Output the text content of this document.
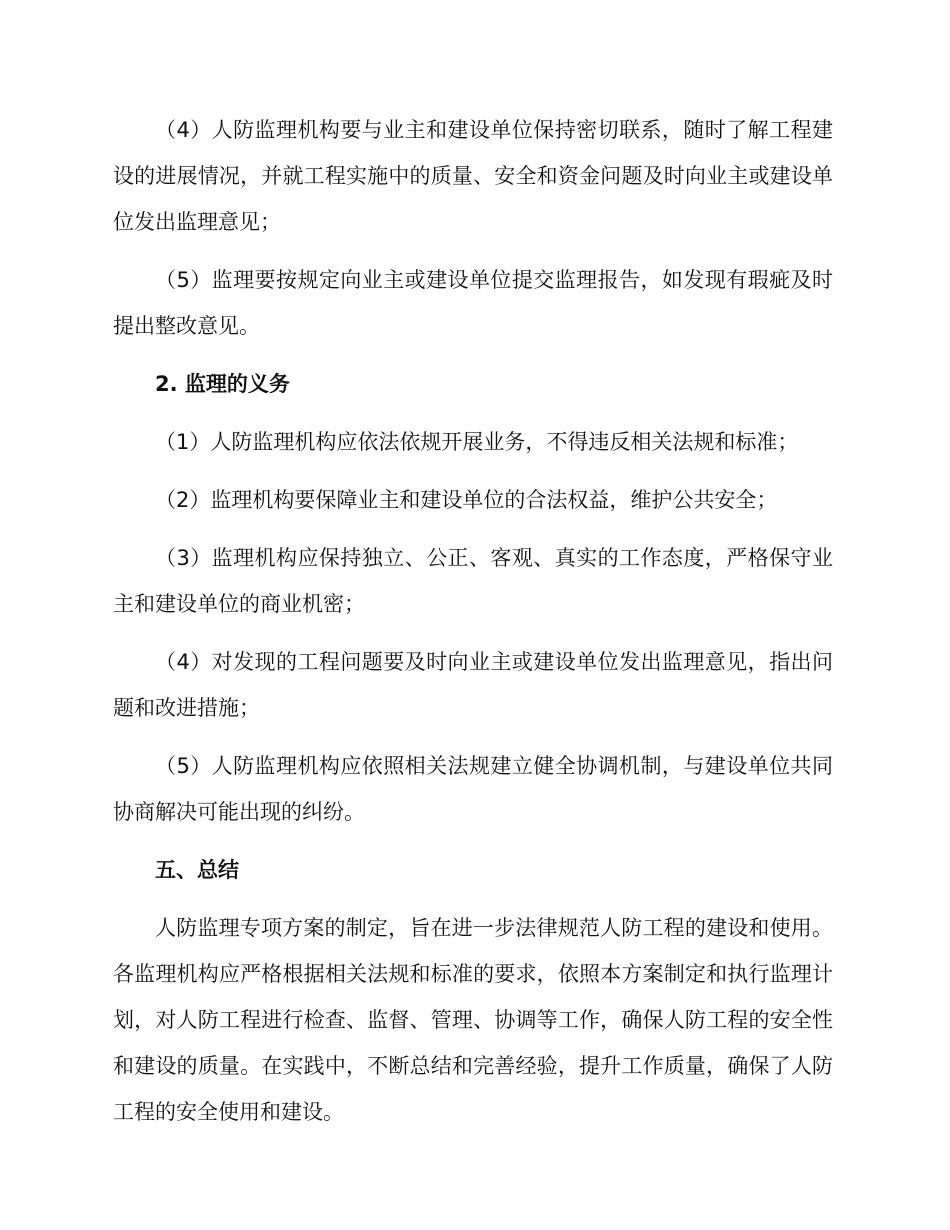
（4）人防监理机构要与业主和建设单位保持密切联系，随时了解工程建设的进展情况，并就工程实施中的质量、安全和资金问题及时向业主或建设单位发出监理意见；

（5）监理要按规定向业主或建设单位提交监理报告，如发现有瑕疵及时提出整改意见。

2. 监理的义务

（1）人防监理机构应依法依规开展业务，不得违反相关法规和标准；

（2）监理机构要保障业主和建设单位的合法权益，维护公共安全；

（3）监理机构应保持独立、公正、客观、真实的工作态度，严格保守业主和建设单位的商业机密；

（4）对发现的工程问题要及时向业主或建设单位发出监理意见，指出问题和改进措施；

（5）人防监理机构应依照相关法规建立健全协调机制，与建设单位共同协商解决可能出现的纠纷。

五、总结

人防监理专项方案的制定，旨在进一步法律规范人防工程的建设和使用。各监理机构应严格根据相关法规和标准的要求，依照本方案制定和执行监理计划，对人防工程进行检查、监督、管理、协调等工作，确保人防工程的安全性和建设的质量。在实践中，不断总结和完善经验，提升工作质量，确保了人防工程的安全使用和建设。
